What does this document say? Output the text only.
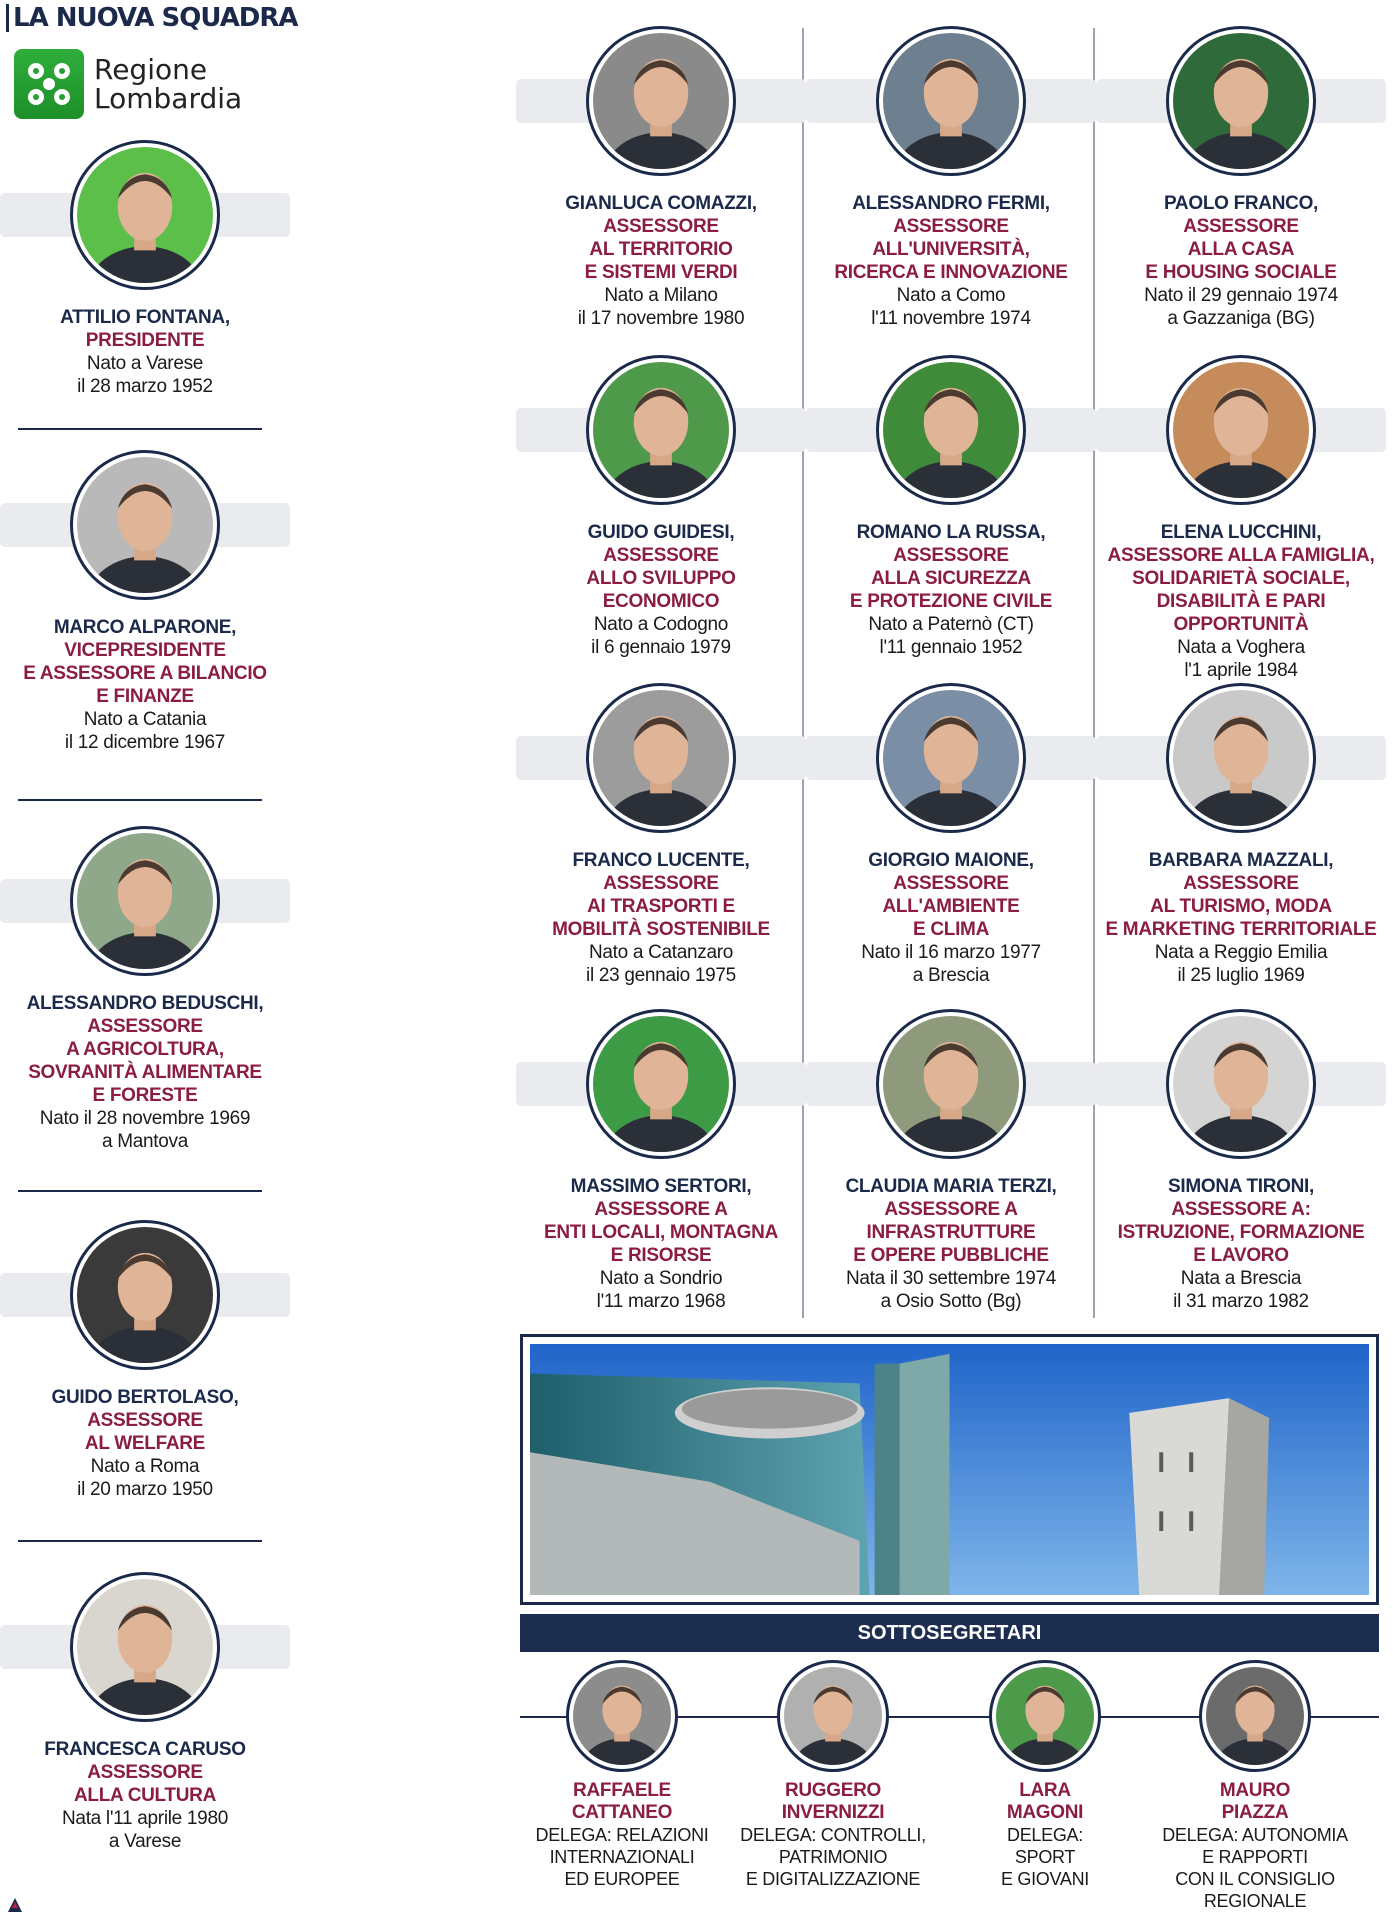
LA NUOVA SQUADRA
Regione
Lombardia
ATTILIO FONTANA,
PRESIDENTE
Nato a Varese
il 28 marzo 1952
MARCO ALPARONE,
VICEPRESIDENTE
E ASSESSORE A BILANCIO
E FINANZE
Nato a Catania
il 12 dicembre 1967
ALESSANDRO BEDUSCHI,
ASSESSORE
A AGRICOLTURA,
SOVRANITÀ ALIMENTARE
E FORESTE
Nato il 28 novembre 1969
a Mantova
GUIDO BERTOLASO,
ASSESSORE
AL WELFARE
Nato a Roma
il 20 marzo 1950
FRANCESCA CARUSO
ASSESSORE
ALLA CULTURA
Nata l'11 aprile 1980
a Varese
GIANLUCA COMAZZI,
ASSESSORE
AL TERRITORIO
E SISTEMI VERDI
Nato a Milano
il 17 novembre 1980
ALESSANDRO FERMI,
ASSESSORE
ALL'UNIVERSITÀ,
RICERCA E INNOVAZIONE
Nato a Como
l'11 novembre 1974
PAOLO FRANCO,
ASSESSORE
ALLA CASA
E HOUSING SOCIALE
Nato il 29 gennaio 1974
a Gazzaniga (BG)
GUIDO GUIDESI,
ASSESSORE
ALLO SVILUPPO
ECONOMICO
Nato a Codogno
il 6 gennaio 1979
ROMANO LA RUSSA,
ASSESSORE
ALLA SICUREZZA
E PROTEZIONE CIVILE
Nato a Paternò (CT)
l'11 gennaio 1952
ELENA LUCCHINI,
ASSESSORE ALLA FAMIGLIA,
SOLIDARIETÀ SOCIALE,
DISABILITÀ E PARI OPPORTUNITÀ
Nata a Voghera
l'1 aprile 1984
FRANCO LUCENTE,
ASSESSORE
AI TRASPORTI E
MOBILITÀ SOSTENIBILE
Nato a Catanzaro
il 23 gennaio 1975
GIORGIO MAIONE,
ASSESSORE
ALL'AMBIENTE
E CLIMA
Nato il 16 marzo 1977
a Brescia
BARBARA MAZZALI,
ASSESSORE
AL TURISMO, MODA
E MARKETING TERRITORIALE
Nata a Reggio Emilia
il 25 luglio 1969
MASSIMO SERTORI,
ASSESSORE A
ENTI LOCALI, MONTAGNA
E RISORSE
Nato a Sondrio
l'11 marzo 1968
CLAUDIA MARIA TERZI,
ASSESSORE A
INFRASTRUTTURE
E OPERE PUBBLICHE
Nata il 30 settembre 1974
a Osio Sotto (Bg)
SIMONA TIRONI,
ASSESSORE A:
ISTRUZIONE, FORMAZIONE
E LAVORO
Nata a Brescia
il 31 marzo 1982
SOTTOSEGRETARI
RAFFAELE
CATTANEO
DELEGA: RELAZIONI
INTERNAZIONALI
ED EUROPEE
RUGGERO
INVERNIZZI
DELEGA: CONTROLLI,
PATRIMONIO
E DIGITALIZZAZIONE
LARA
MAGONI
DELEGA:
SPORT
E GIOVANI
MAURO
PIAZZA
DELEGA: AUTONOMIA
E RAPPORTI
CON IL CONSIGLIO REGIONALE
